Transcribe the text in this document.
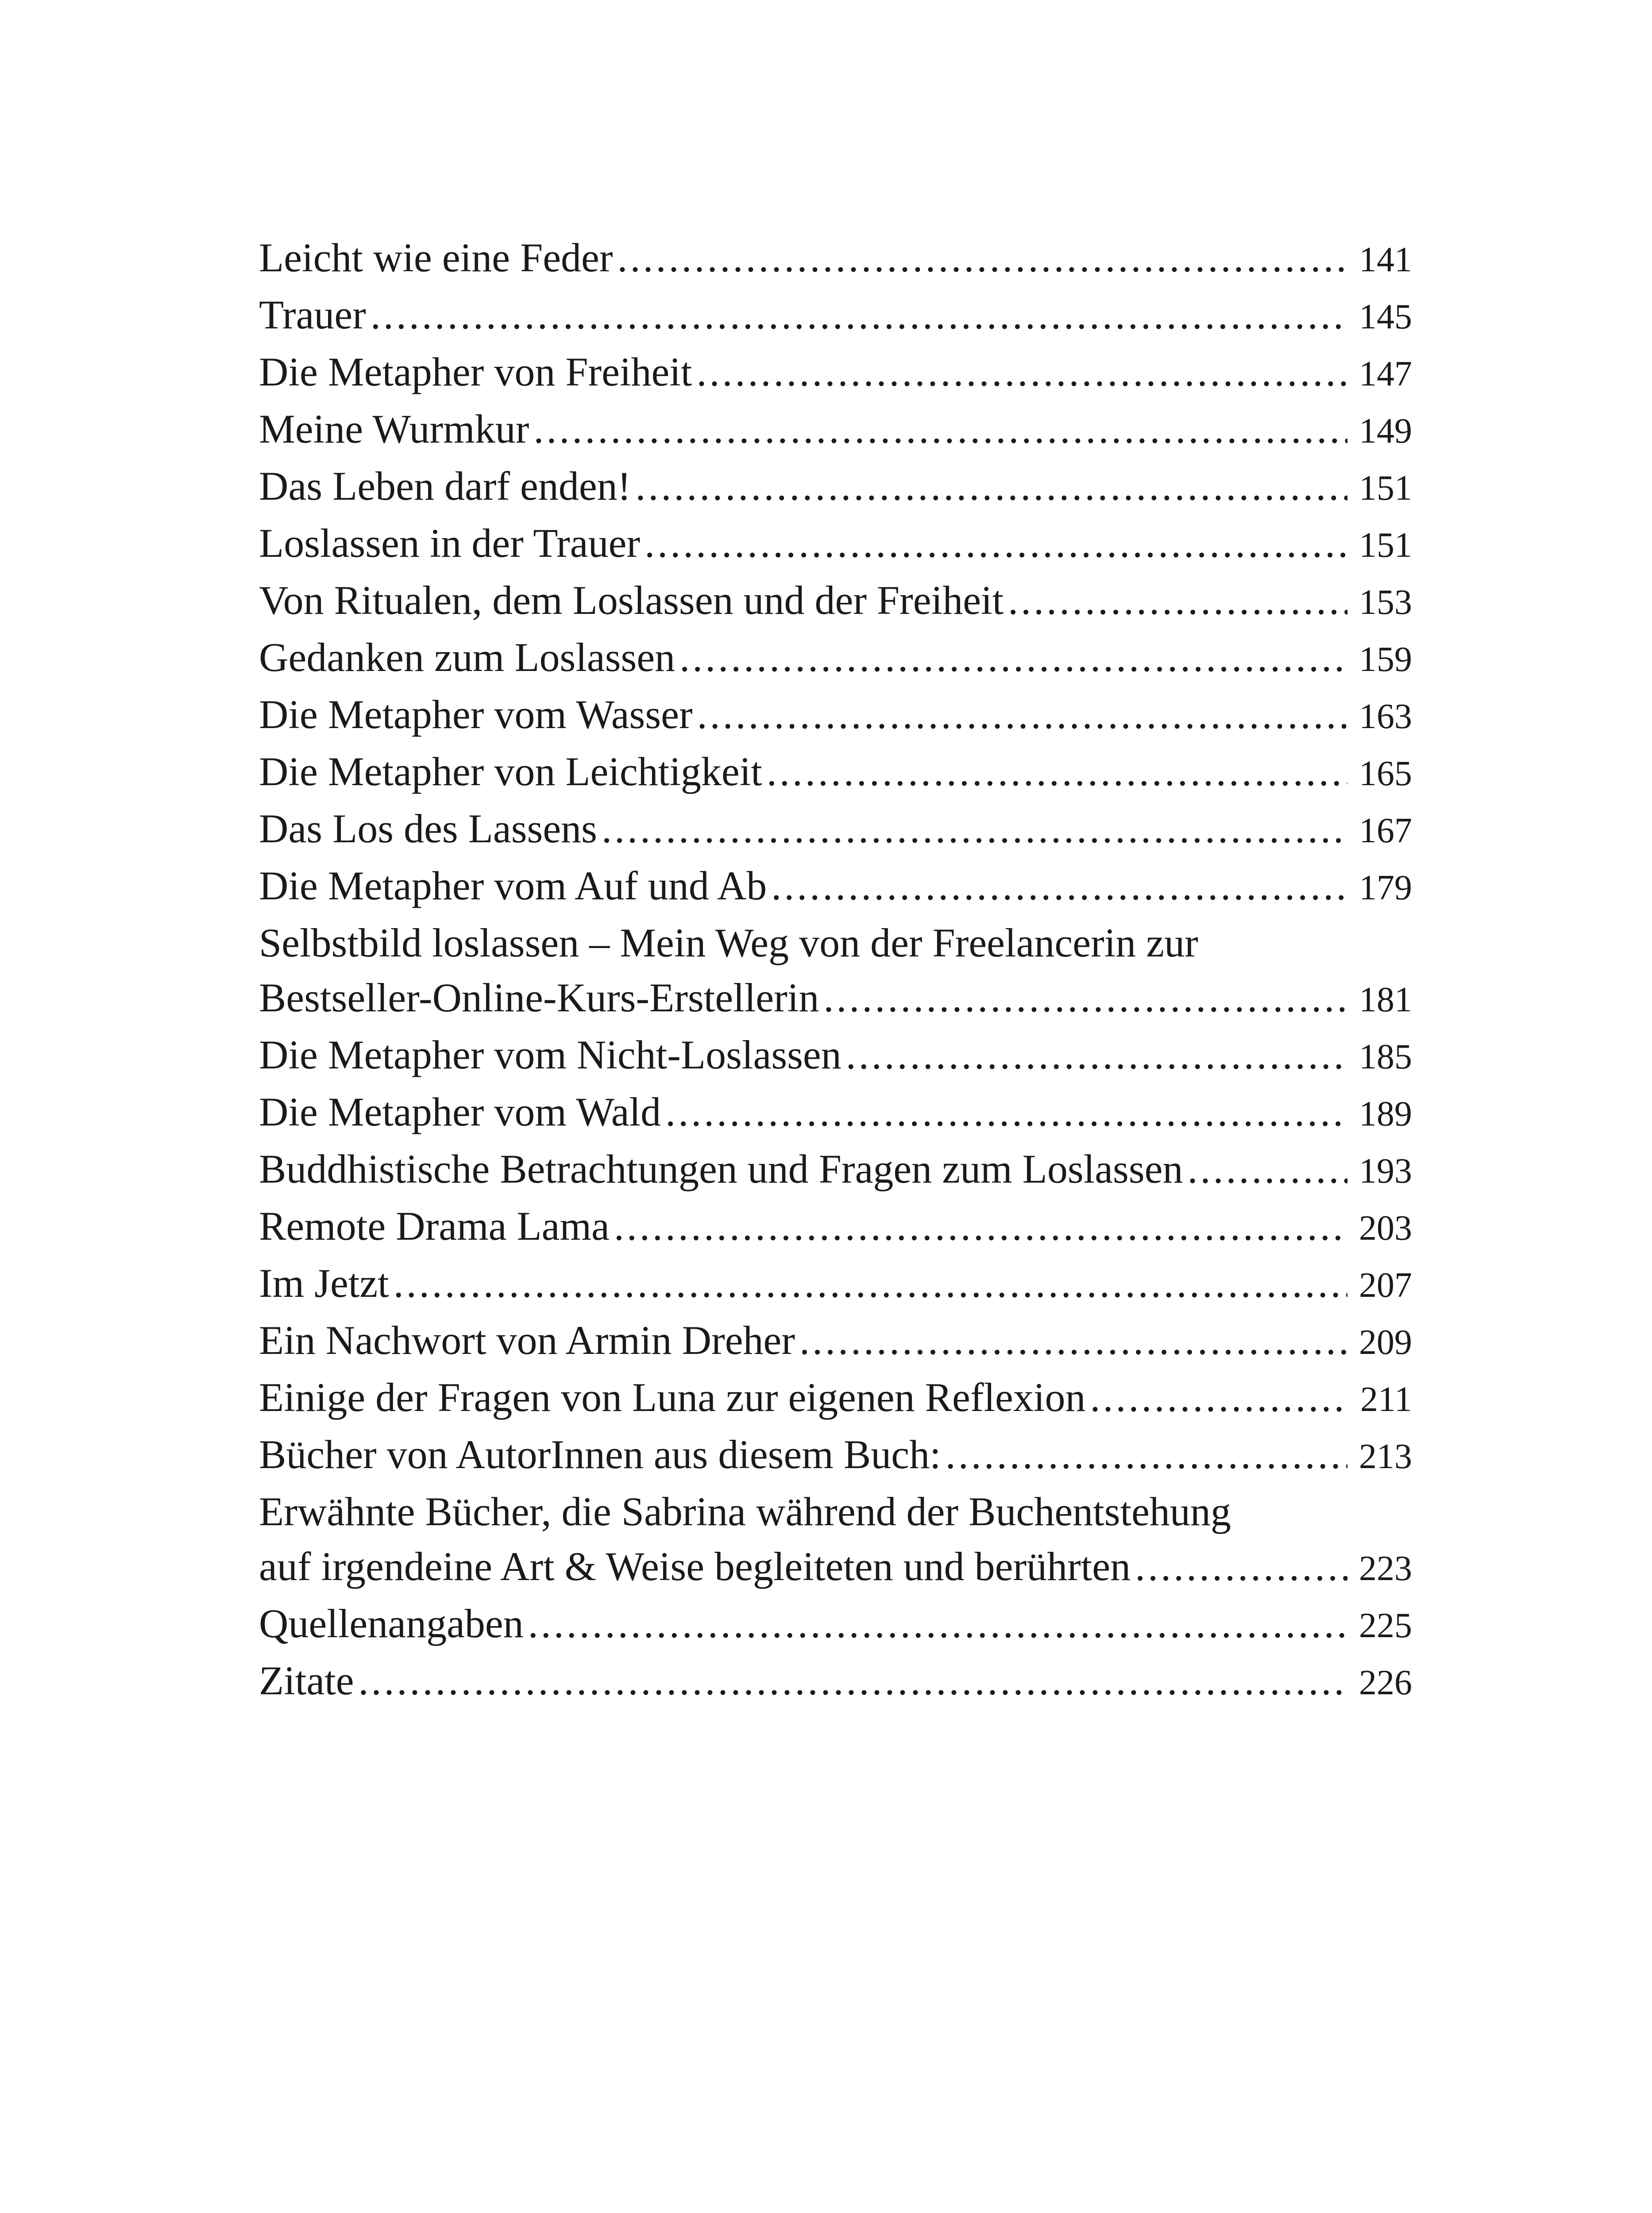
Leicht wie eine Feder .....	141
Trauer .....	145
Die Metapher von Freiheit .....	147
Meine Wurmkur .....	149
Das Leben darf enden! .....	151
Loslassen in der Trauer .....	151
Von Ritualen, dem Loslassen und der Freiheit .....	153
Gedanken zum Loslassen .....	159
Die Metapher vom Wasser .....	163
Die Metapher von Leichtigkeit .....	165
Das Los des Lassens .....	167
Die Metapher vom Auf und Ab .....	179
Selbstbild loslassen – Mein Weg von der Freelancerin zur
Bestseller-Online-Kurs-Erstellerin .....	181
Die Metapher vom Nicht-Loslassen .....	185
Die Metapher vom Wald .....	189
Buddhistische Betrachtungen und Fragen zum Loslassen .....	193
Remote Drama Lama .....	203
Im Jetzt .....	207
Ein Nachwort von Armin Dreher .....	209
Einige der Fragen von Luna zur eigenen Reflexion .....	211
Bücher von AutorInnen aus diesem Buch: .....	213
Erwähnte Bücher, die Sabrina während der Buchentstehung
auf irgendeine Art & Weise begleiteten und berührten .....	223
Quellenangaben .....	225
Zitate .....	226
